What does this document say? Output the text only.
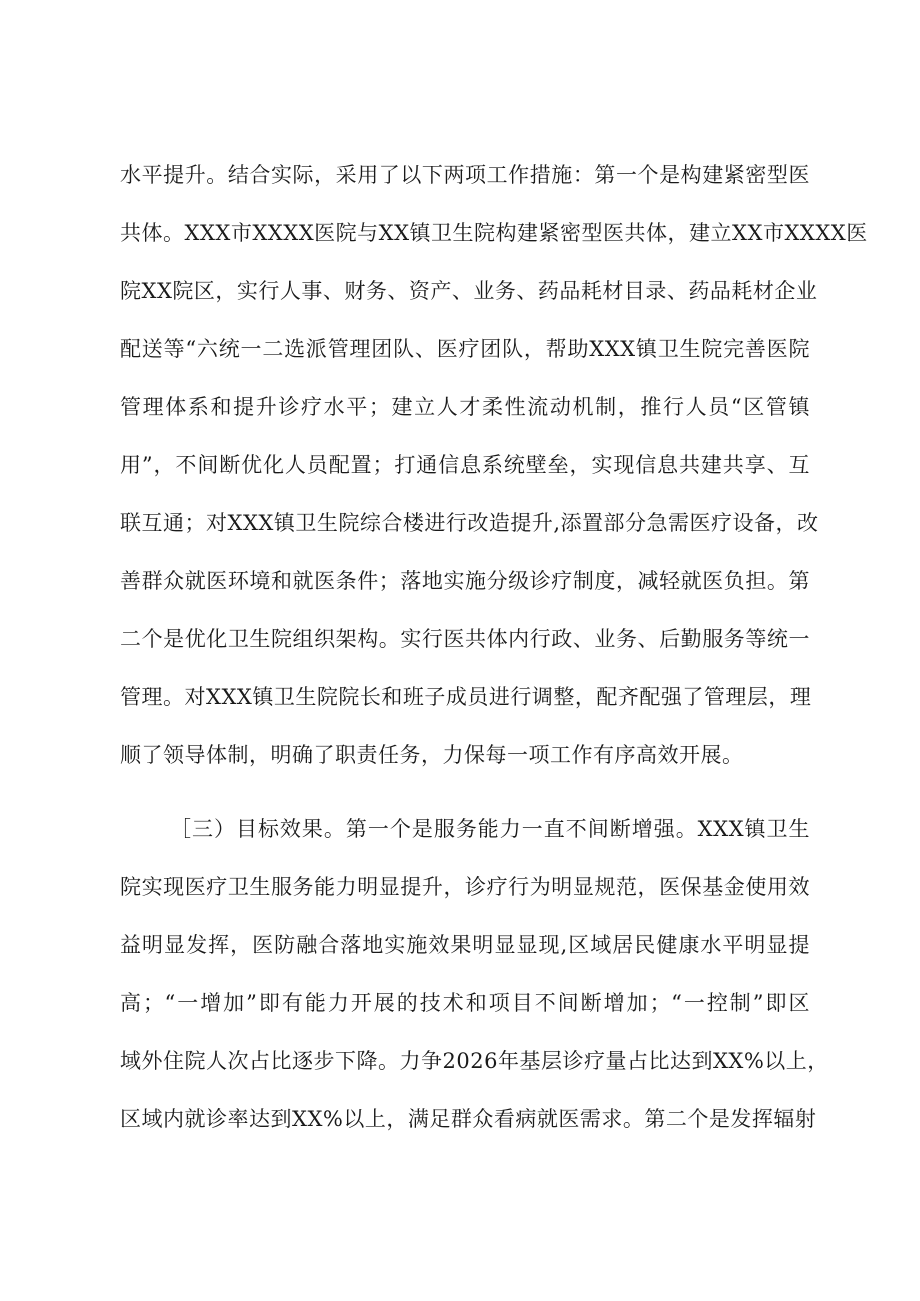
水平提升。结合实际，采用了以下两项工作措施：第一个是构建紧密型医
共体。XXX市XXXX医院与XX镇卫生院构建紧密型医共体，建立XX市XXXX医
院XX院区，实行人事、财务、资产、业务、药品耗材目录、药品耗材企业
配送等“六统一二选派管理团队、医疗团队，帮助XXX镇卫生院完善医院
管理体系和提升诊疗水平；建立人才柔性流动机制，推行人员“区管镇
用”，不间断优化人员配置；打通信息系统壁垒，实现信息共建共享、互
联互通；对XXX镇卫生院综合楼进行改造提升,添置部分急需医疗设备，改
善群众就医环境和就医条件；落地实施分级诊疗制度，减轻就医负担。第
二个是优化卫生院组织架构。实行医共体内行政、业务、后勤服务等统一
管理。对XXX镇卫生院院长和班子成员进行调整，配齐配强了管理层，理
顺了领导体制，明确了职责任务，力保每一项工作有序高效开展。
［三）目标效果。第一个是服务能力一直不间断增强。XXX镇卫生
院实现医疗卫生服务能力明显提升，诊疗行为明显规范，医保基金使用效
益明显发挥，医防融合落地实施效果明显显现,区域居民健康水平明显提
高；“一增加”即有能力开展的技术和项目不间断增加；“一控制”即区
域外住院人次占比逐步下降。力争2026年基层诊疗量占比达到XX%以上，
区域内就诊率达到XX%以上，满足群众看病就医需求。第二个是发挥辐射
